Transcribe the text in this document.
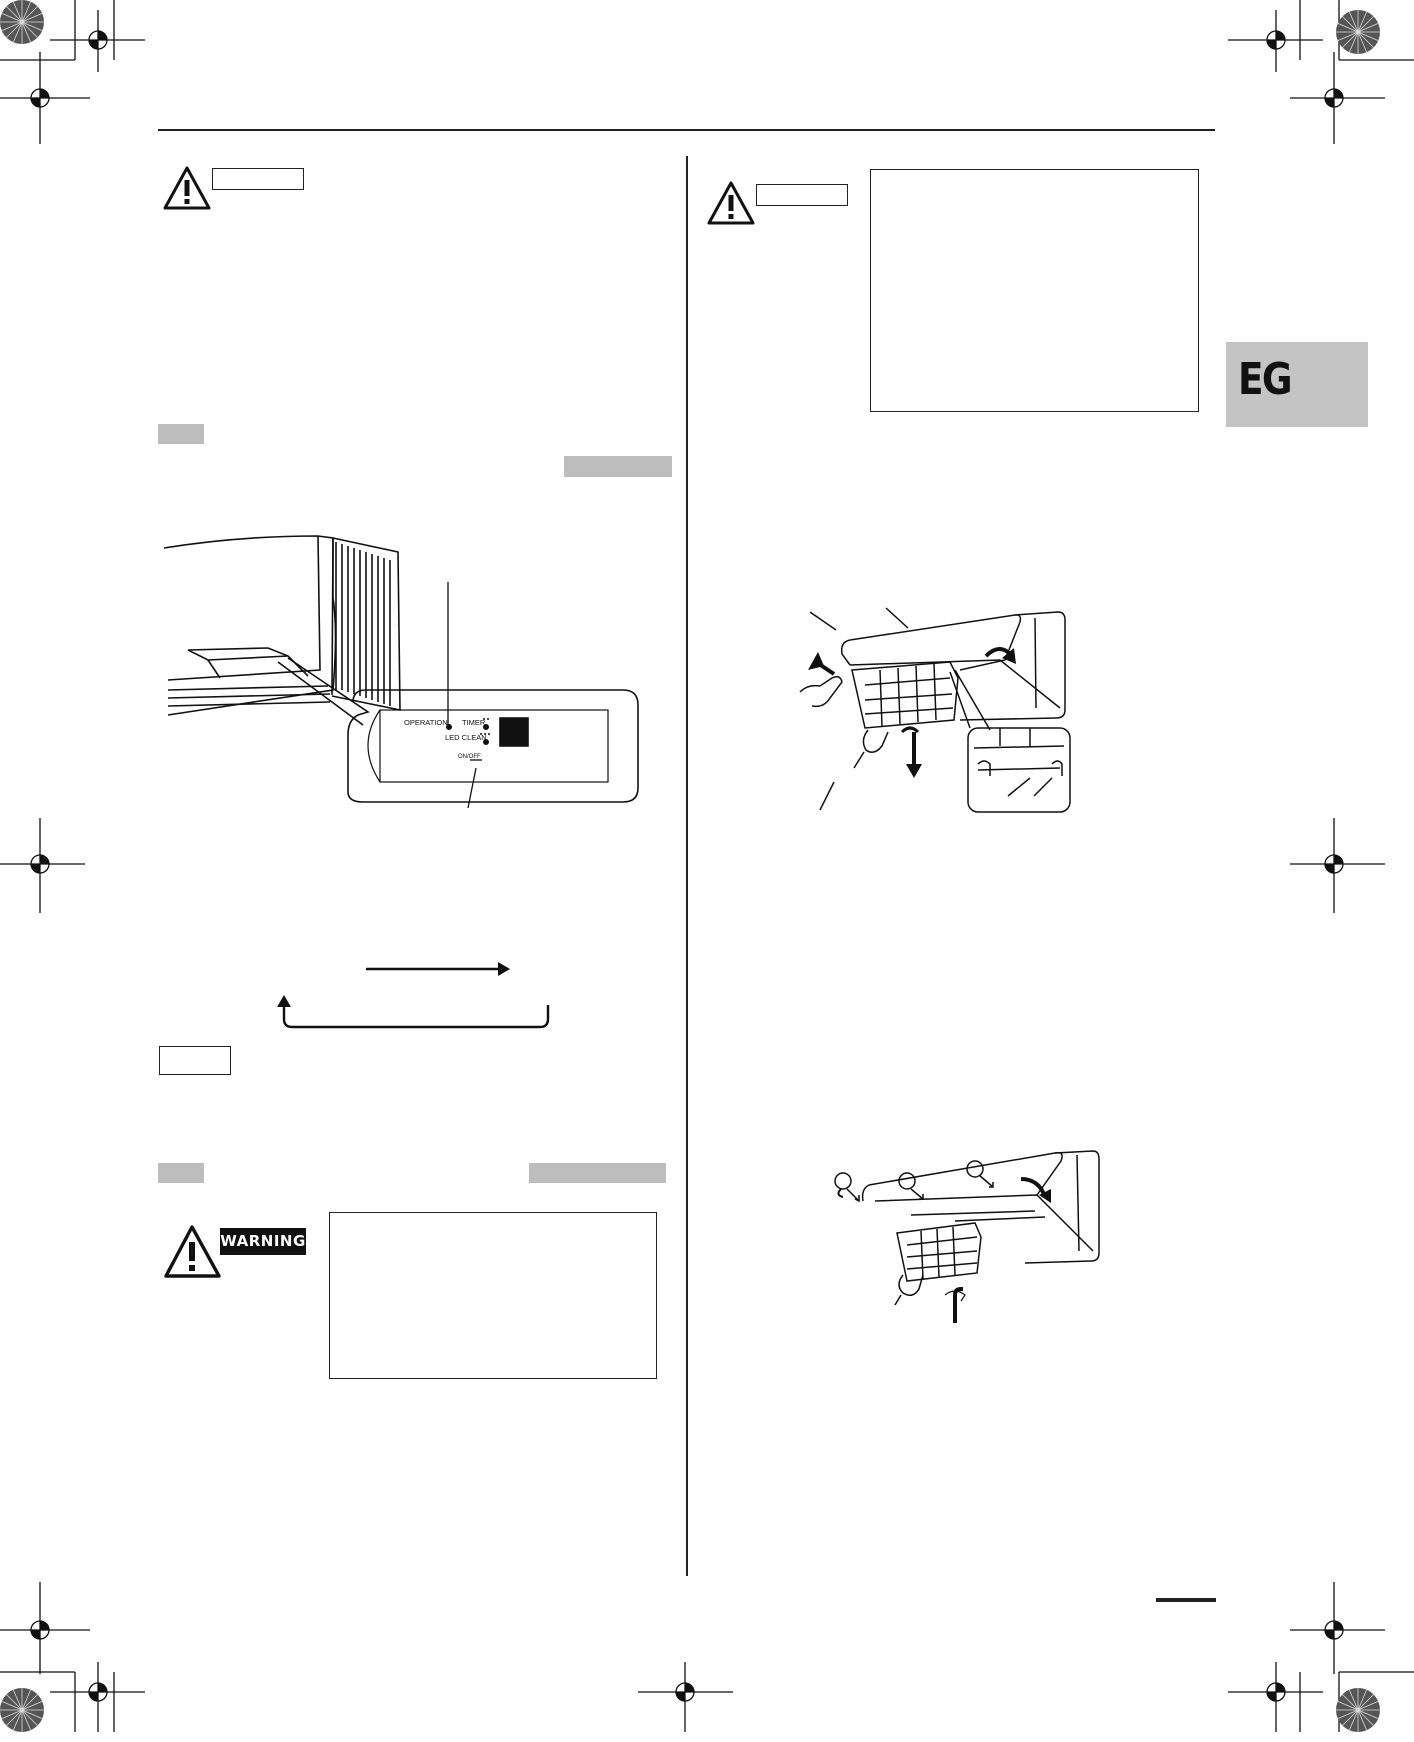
EG
OPERATION TIMER
LED CLEAN
ON/OFF
WARNING
